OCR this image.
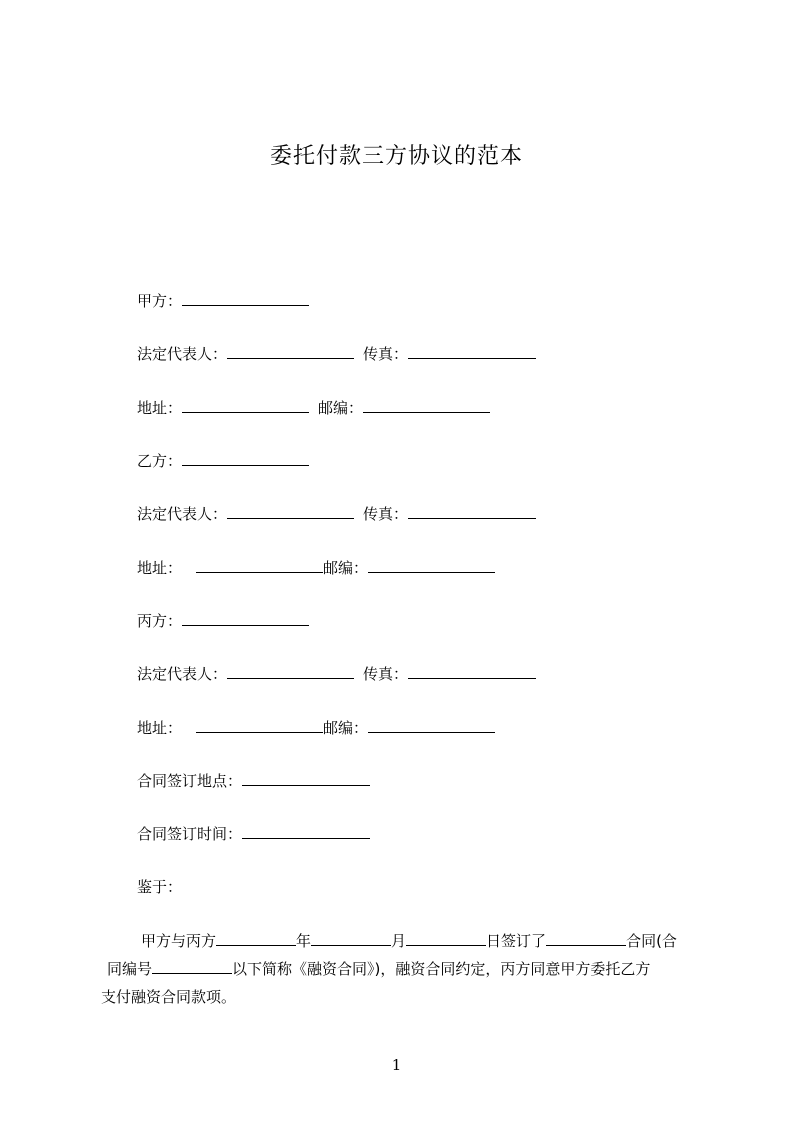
委托付款三方协议的范本
甲方：
法定代表人：	传真：
地址：	邮编：
乙方：
法定代表人：	传真：
地址：	邮编：
丙方：
法定代表人：	传真：
地址：	邮编：
合同签订地点：
合同签订时间：
鉴于：
甲方与丙方	年	月	日签订了	合同(合
同编号	以下简称《融资合同》)，融资合同约定，丙方同意甲方委托乙方
支付融资合同款项。
1
